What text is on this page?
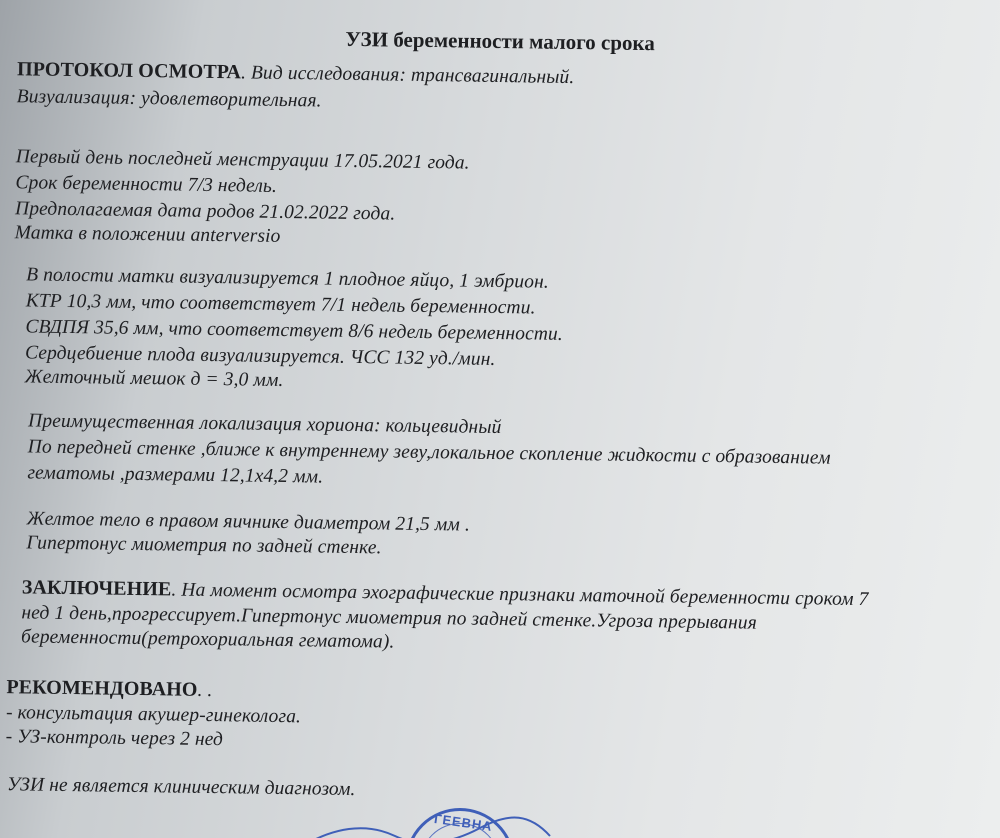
УЗИ беременности малого срока
ПРОТОКОЛ ОСМОТРА. Вид исследования: трансвагинальный.
Визуализация: удовлетворительная.
Первый день последней менструации 17.05.2021 года.
Срок беременности 7/3 недель.
Предполагаемая дата родов 21.02.2022 года.
Матка в положении anterversio
В полости матки визуализируется 1 плодное яйцо, 1 эмбрион.
КТР 10,3 мм, что соответствует 7/1 недель беременности.
СВДПЯ 35,6 мм, что соответствует 8/6 недель беременности.
Сердцебиение плода визуализируется. ЧСС 132 уд./мин.
Желточный мешок д = 3,0 мм.
Преимущественная локализация хориона: кольцевидный
По передней стенке ,ближе к внутреннему зеву,локальное скопление жидкости с образованием
гематомы ,размерами 12,1х4,2 мм.
Желтое тело в правом яичнике диаметром 21,5 мм .
Гипертонус миометрия по задней стенке.
ЗАКЛЮЧЕНИЕ. На момент осмотра эхографические признаки маточной беременности сроком 7
нед 1 день,прогрессирует.Гипертонус миометрия по задней стенке.Угроза прерывания
беременности(ретрохориальная гематома).
РЕКОМЕНДОВАНО. .
- консультация акушер-гинеколога.
- УЗ-контроль через 2 нед
УЗИ не является клиническим диагнозом.
ГЕЕВНА
